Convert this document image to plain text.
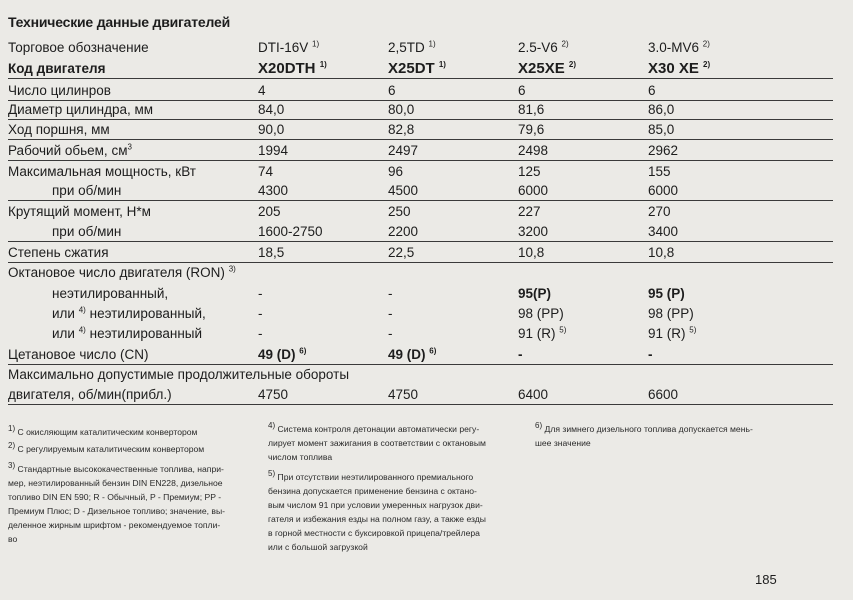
Технические данные двигателей
Торговое обозначение	DTI-16V $^{1)}$	2,5TD $^{1)}$	2.5-V6 $^{2)}$	3.0-MV6 $^{2)}$
Код двигателя	X20DTH $^{1)}$	X25DT $^{1)}$	X25XE $^{2)}$	X30 XE $^{2)}$
Число цилинров	4	6	6	6
Диаметр цилиндра, мм	84,0	80,0	81,6	86,0
Ход поршня, мм	90,0	82,8	79,6	85,0
Рабочий обьем, $см^3$	1994	2497	2498	2962
Максимальная мощность, кВт	74	96	125	155
при об/мин	4300	4500	6000	6000
Крутящий момент, Н*м	205	250	227	270
при об/мин	1600-2750	2200	3200	3400
Степень сжатия	18,5	22,5	10,8	10,8
Октановое число двигателя (RON) $^{3)}$
неэтилированный,	-	-	95(P)	95 (P)
или $^{4)}$ неэтилированный,	-	-	98 (PP)	98 (PP)
или $^{4)}$ неэтилированный	-	-	91 (R) $^{5)}$	91 (R) $^{5)}$
Цетановое число (CN)	49 (D) $^{6)}$	49 (D) $^{6)}$	-	-
Максимально допустимые продолжительные обороты
двигателя, об/мин(прибл.)	4750	4750	6400	6600
$^{1)}$ С окисляющим каталитическим конвертором
$^{2)}$ С регулируемым каталитическим конвертором
$^{3)}$ Стандартные высококачественные топлива, напри-
мер, неэтилированный бензин DIN EN228, дизельное
топливо DIN EN 590; R - Обычный, P - Премиум; PP -
Премиум Плюс; D - Дизельное топливо; значение, вы-
деленное жирным шрифтом - рекомендуемое топли-
во
$^{4)}$ Система контроля детонации автоматически регу-
лирует момент зажигания в соответствии с октановым
числом топлива
$^{5)}$ При отсутствии неэтилированного премиального
бензина допускается применение бензина с октано-
вым числом 91 при условии умеренных нагрузок дви-
гателя и избежания езды на полном газу, а также езды
в горной местности с буксировкой прицепа/трейлера
или с большой загрузкой
$^{6)}$ Для зимнего дизельного топлива допускается мень-
шее значение
185
